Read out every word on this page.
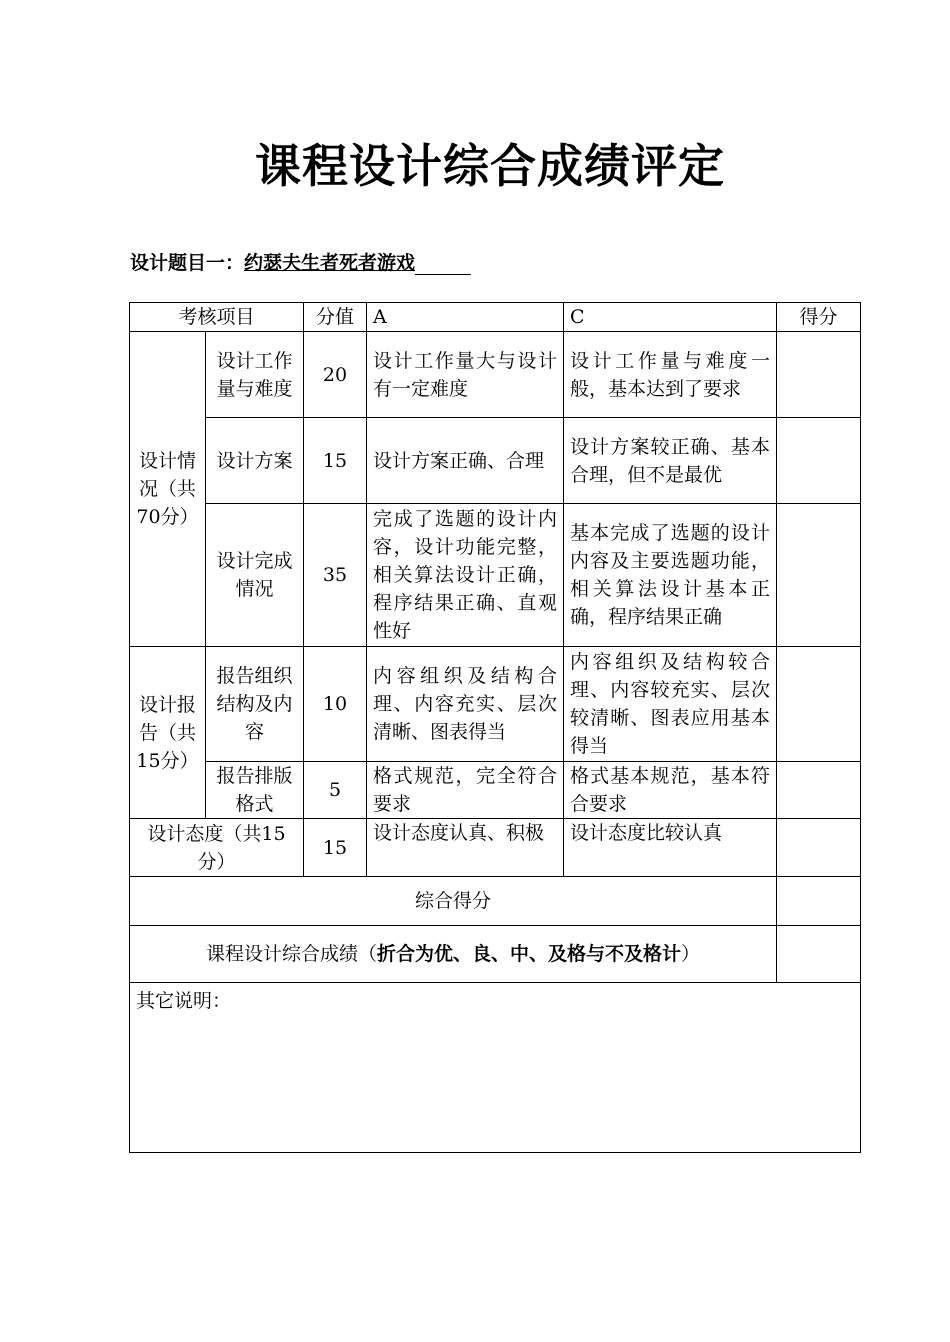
课程设计综合成绩评定
设计题目一：约瑟夫生者死者游戏
考核项目		分值	A	C	得分
设计情况（共70分）	设计工作量与难度	20	设计工作量大与设计有一定难度	设计工作量与难度一般，基本达到了要求	
	设计方案	15	设计方案正确、合理	设计方案较正确、基本合理，但不是最优	
	设计完成情况	35	完成了选题的设计内容，设计功能完整，相关算法设计正确，程序结果正确、直观性好	基本完成了选题的设计内容及主要选题功能，相关算法设计基本正确，程序结果正确	
设计报告（共15分）	报告组织结构及内容	10	内容组织及结构合理、内容充实、层次清晰、图表得当	内容组织及结构较合理、内容较充实、层次较清晰、图表应用基本得当	
	报告排版格式	5	格式规范，完全符合要求	格式基本规范，基本符合要求	
设计态度（共15分）		15	设计态度认真、积极	设计态度比较认真	
综合得分					
课程设计综合成绩（折合为优、良、中、及格与不及格计）					
其它说明：					
